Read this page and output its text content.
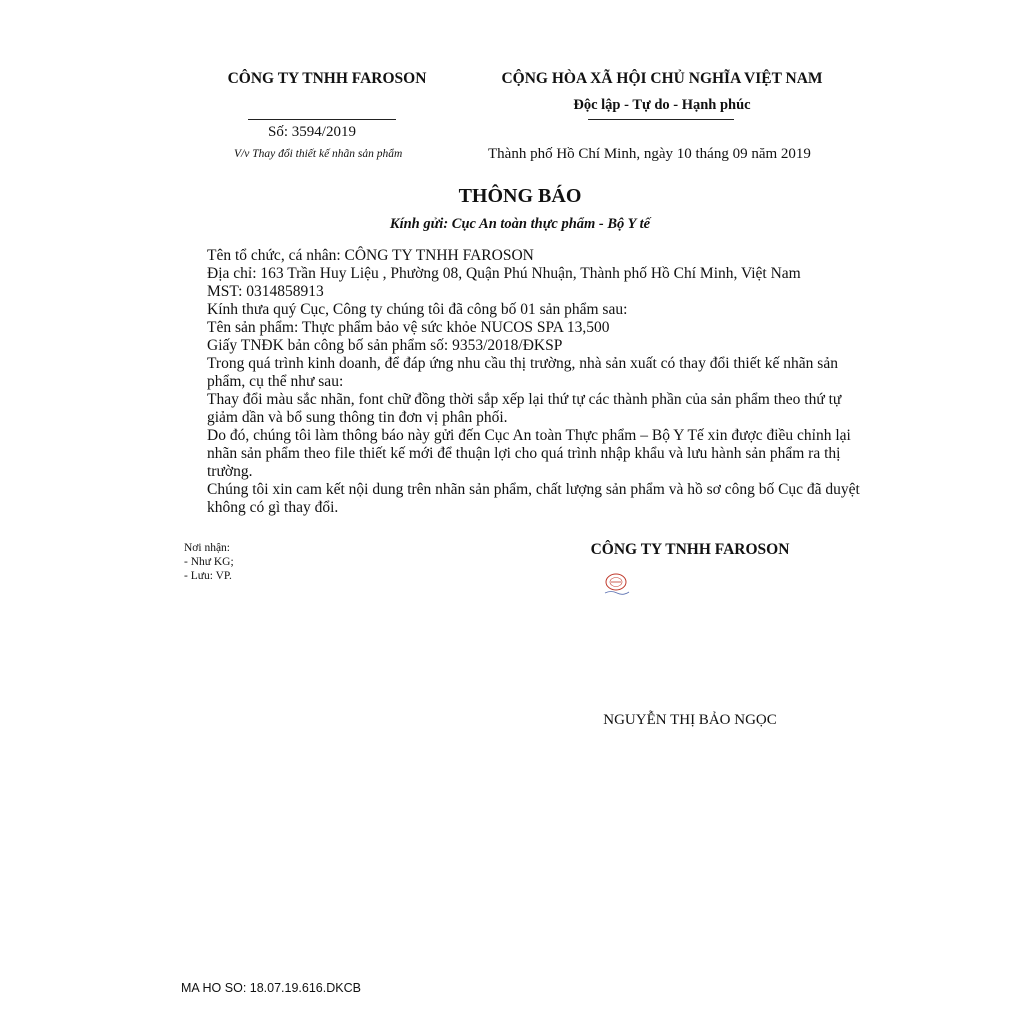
CÔNG TY TNHH FAROSON
Số: 3594/2019
V/v Thay đổi thiết kế nhãn sản phẩm
CỘNG HÒA XÃ HỘI CHỦ NGHĨA VIỆT NAM
Độc lập - Tự do - Hạnh phúc
Thành phố Hồ Chí Minh, ngày 10 tháng 09 năm 2019
THÔNG BÁO
Kính gửi: Cục An toàn thực phẩm - Bộ Y tế

Tên tổ chức, cá nhân: CÔNG TY TNHH FAROSON

Địa chỉ: 163 Trần Huy Liệu , Phường 08, Quận Phú Nhuận, Thành phố Hồ Chí Minh, Việt Nam

MST: 0314858913

Kính thưa quý Cục, Công ty chúng tôi đã công bố 01 sản phẩm sau:

Tên sản phẩm: Thực phẩm bảo vệ sức khỏe NUCOS SPA 13,500

Giấy TNĐK bản công bố sản phẩm số: 9353/2018/ĐKSP

Trong quá trình kinh doanh, để đáp ứng nhu cầu thị trường, nhà sản xuất có thay đổi thiết kế nhãn sản phẩm, cụ thể như sau:

Thay đổi màu sắc nhãn, font chữ đồng thời sắp xếp lại thứ tự các thành phần của sản phẩm theo thứ tự giảm dần và bổ sung thông tin đơn vị phân phối.

Do đó, chúng tôi làm thông báo này gửi đến Cục An toàn Thực phẩm – Bộ Y Tế xin được điều chỉnh lại nhãn sản phẩm theo file thiết kế mới để thuận lợi cho quá trình nhập khẩu và lưu hành sản phẩm ra thị trường.

Chúng tôi xin cam kết nội dung trên nhãn sản phẩm, chất lượng sản phẩm và hồ sơ công bố Cục đã duyệt không có gì thay đổi.

Nơi nhận:
- Như KG;
- Lưu: VP.
CÔNG TY TNHH FAROSON
NGUYỄN THỊ BẢO NGỌC
MA HO SO: 18.07.19.616.DKCB
